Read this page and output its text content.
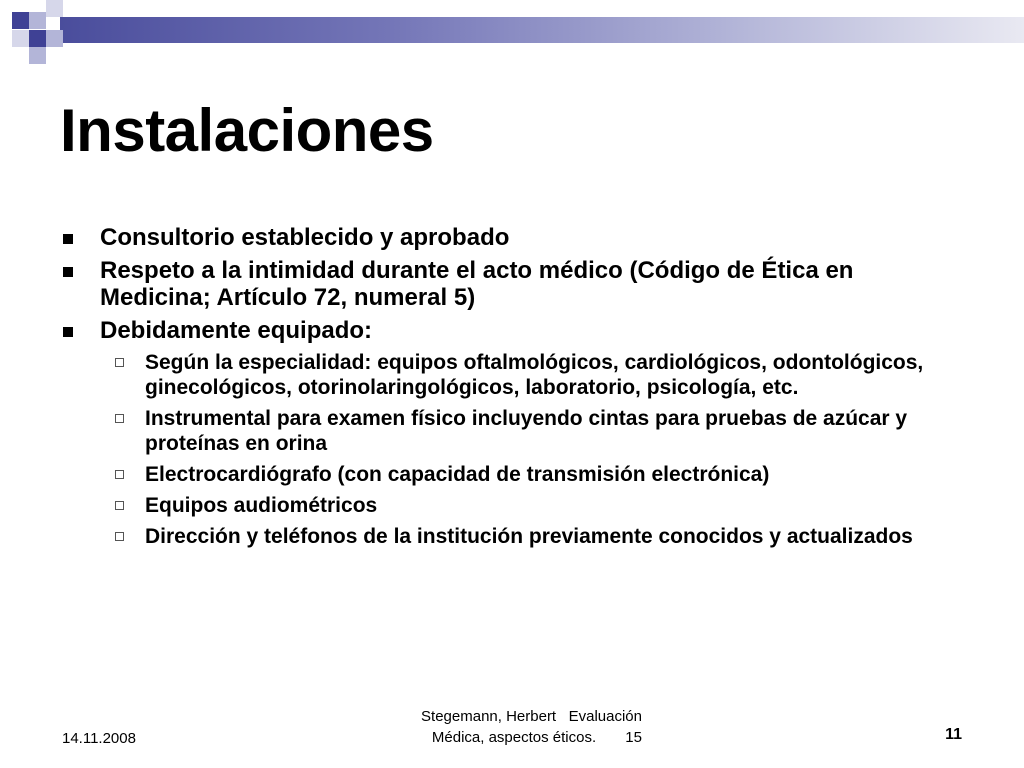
Instalaciones
Consultorio establecido y aprobado
Respeto a la intimidad durante el acto médico (Código de Ética en Medicina; Artículo 72, numeral 5)
Debidamente equipado:
Según la especialidad: equipos oftalmológicos, cardiológicos, odontológicos, ginecológicos, otorinolaringológicos, laboratorio, psicología, etc.
Instrumental para examen físico incluyendo cintas para pruebas de azúcar y proteínas en orina
Electrocardiógrafo (con capacidad de transmisión electrónica)
Equipos audiométricos
Dirección y teléfonos de la institución previamente conocidos y actualizados
14.11.2008
Stegemann, Herbert   Evaluación
Médica, aspectos éticos.       15	11
